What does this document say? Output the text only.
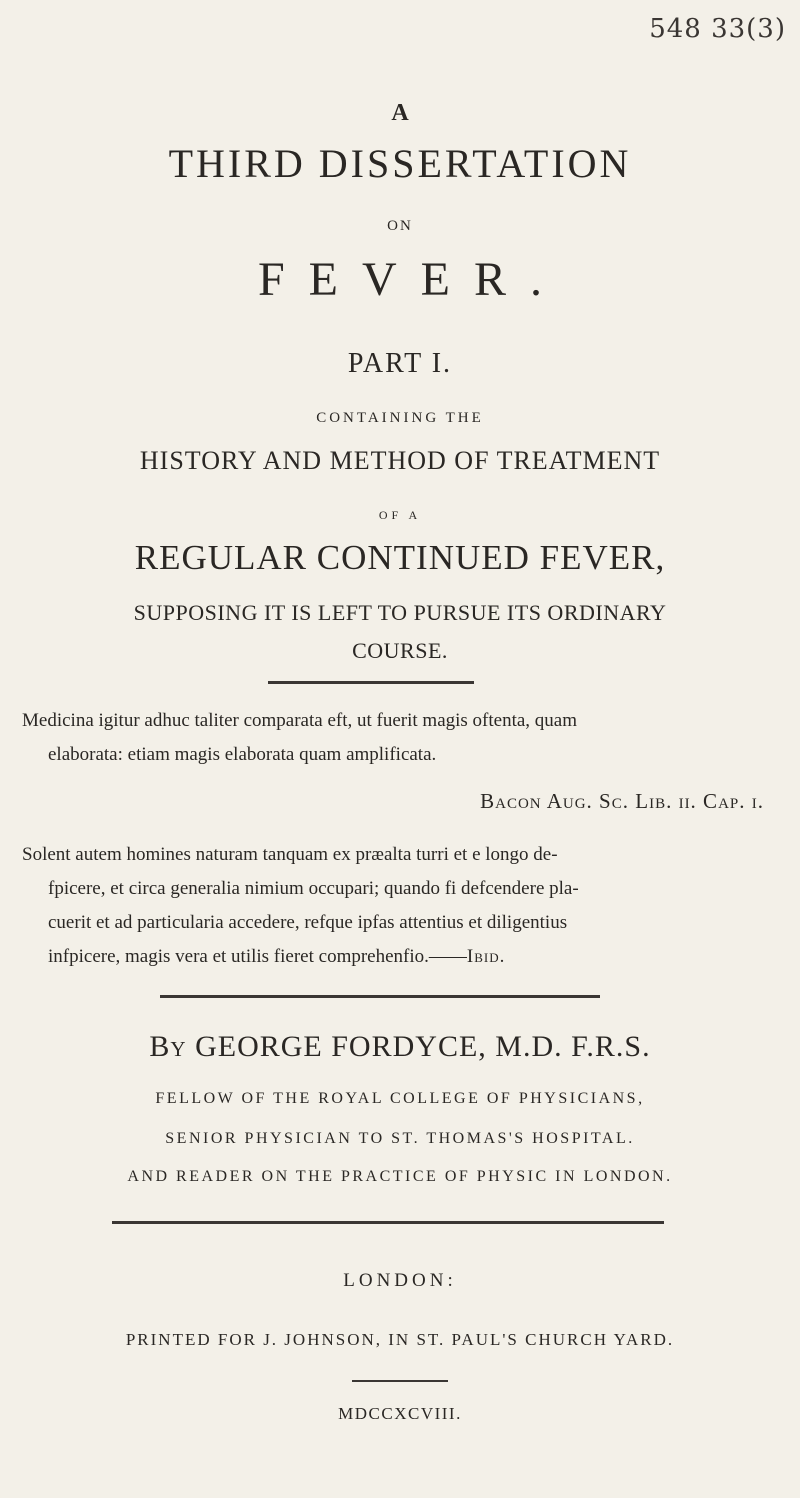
548 33(3)
A
THIRD DISSERTATION
ON
FEVER.
PART I.
CONTAINING THE
HISTORY AND METHOD OF TREATMENT
OF A
REGULAR CONTINUED FEVER,
SUPPOSING IT IS LEFT TO PURSUE ITS ORDINARY
COURSE.
Medicina igitur adhuc taliter comparata eft, ut fuerit magis oftenta, quam
elaborata: etiam magis elaborata quam amplificata.
Bacon Aug. Sc. Lib. ii. Cap. i.
Solent autem homines naturam tanquam ex præalta turri et e longo de-
fpicere, et circa generalia nimium occupari; quando fi defcendere pla-
cuerit et ad particularia accedere, refque ipfas attentius et diligentius
infpicere, magis vera et utilis fieret comprehenfio.——Ibid.
By GEORGE FORDYCE, M.D. F.R.S.
FELLOW OF THE ROYAL COLLEGE OF PHYSICIANS,
SENIOR PHYSICIAN TO ST. THOMAS'S HOSPITAL.
AND READER ON THE PRACTICE OF PHYSIC IN LONDON.
LONDON:
PRINTED FOR J. JOHNSON, IN ST. PAUL'S CHURCH YARD.
MDCCXCVIII.
